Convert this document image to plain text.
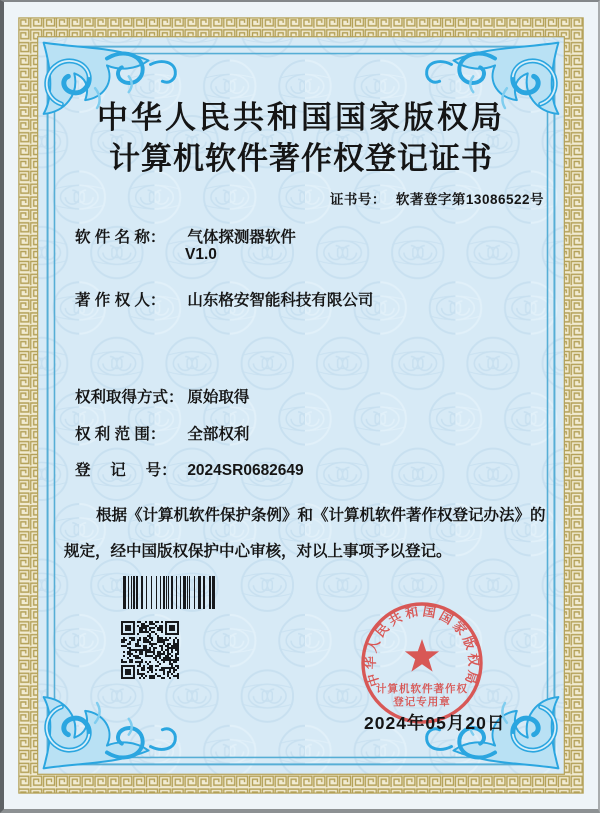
中华人民共和国国家版权局
计算机软件著作权登记证书
证书号： 软著登字第13086522号
软 件 名 称： 气体探测器软件
V1.0
著 作 权 人： 山东格安智能科技有限公司
权利取得方式： 原始取得
权 利 范 围： 全部权利
登　 记　 号： 2024SR0682649
根据《计算机软件保护条例》和《计算机软件著作权登记办法》的
规定，经中国版权保护中心审核，对以上事项予以登记。
中华人民共和国国家版权局
计算机软件著作权
登记专用章
2024年05月20日
